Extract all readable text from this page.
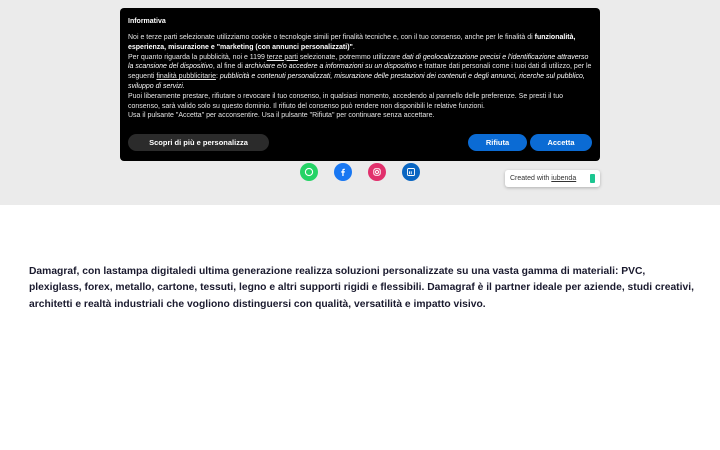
Created with iubenda
Informativa
Noi e terze parti selezionate utilizziamo cookie o tecnologie simili per finalità tecniche e, con il tuo consenso, anche per le finalità di funzionalità, esperienza, misurazione e "marketing (con annunci personalizzati)".
Per quanto riguarda la pubblicità, noi e 1199 terze parti selezionate, potremmo utilizzare dati di geolocalizzazione precisi e l'identificazione attraverso la scansione del dispositivo, al fine di archiviare e/o accedere a informazioni su un dispositivo e trattare dati personali come i tuoi dati di utilizzo, per le seguenti finalità pubblicitarie: pubblicità e contenuti personalizzati, misurazione delle prestazioni dei contenuti e degli annunci, ricerche sul pubblico, sviluppo di servizi.
Puoi liberamente prestare, rifiutare o revocare il tuo consenso, in qualsiasi momento, accedendo al pannello delle preferenze. Se presti il tuo consenso, sarà valido solo su questo dominio. Il rifiuto del consenso può rendere non disponibili le relative funzioni.
Usa il pulsante "Accetta" per acconsentire. Usa il pulsante "Rifiuta" per continuare senza accettare.
Scopri di più e personalizza	Rifiuta	Accetta

Damagraf, con lastampa digitaledi ultima generazione realizza soluzioni personalizzate su una vasta gamma di materiali: PVC, plexiglass, forex, metallo, cartone, tessuti, legno e altri supporti rigidi e flessibili. Damagraf è il partner ideale per aziende, studi creativi, architetti e realtà industriali che vogliono distinguersi con qualità, versatilità e impatto visivo.
